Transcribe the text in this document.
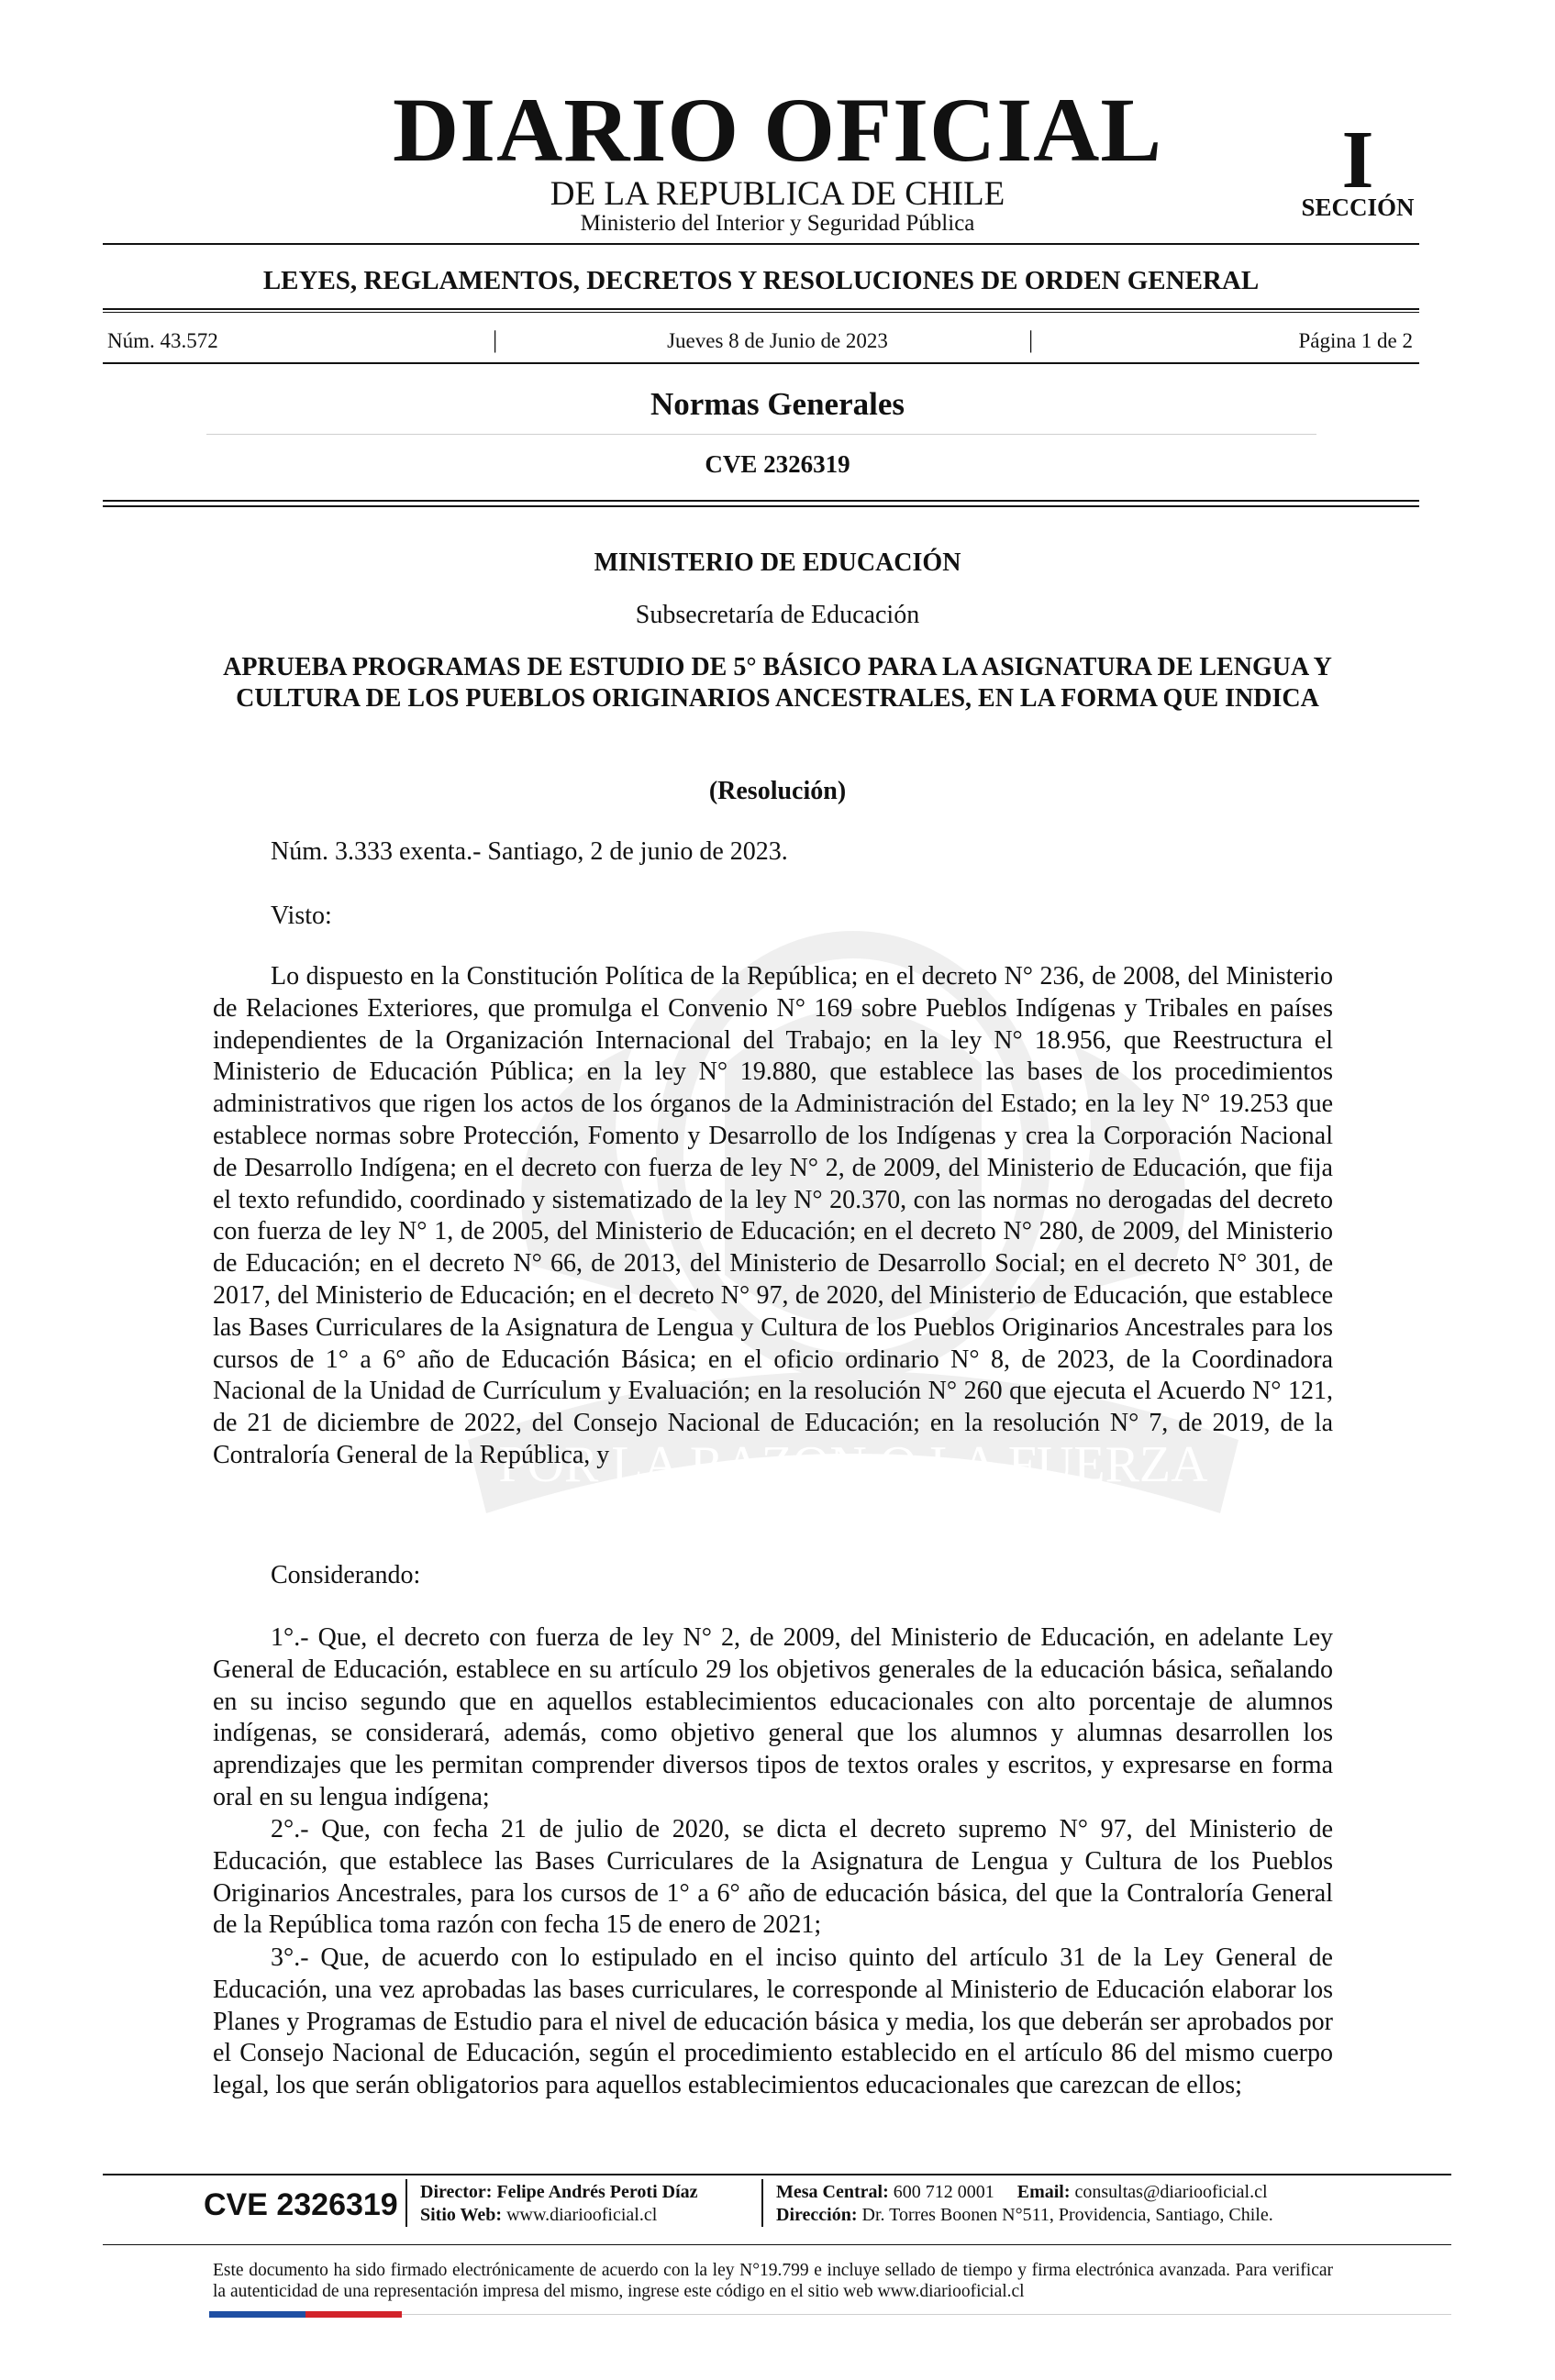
POR LA RAZON O LA FUERZA
DIARIO OFICIAL
DE LA REPUBLICA DE CHILE
Ministerio del Interior y Seguridad Pública
I
SECCIÓN
LEYES, REGLAMENTOS, DECRETOS Y RESOLUCIONES DE ORDEN GENERAL
Núm. 43.572	|	Jueves 8 de Junio de 2023	|	Página 1 de 2
Normas Generales
CVE 2326319
MINISTERIO DE EDUCACIÓN
Subsecretaría de Educación
APRUEBA PROGRAMAS DE ESTUDIO DE 5° BÁSICO PARA LA ASIGNATURA DE LENGUA Y CULTURA DE LOS PUEBLOS ORIGINARIOS ANCESTRALES, EN LA FORMA QUE INDICA
(Resolución)
Núm. 3.333 exenta.- Santiago, 2 de junio de 2023.
Visto:

Lo dispuesto en la Constitución Política de la República; en el decreto N° 236, de 2008, del Ministerio de Relaciones Exteriores, que promulga el Convenio N° 169 sobre Pueblos Indígenas y Tribales en países independientes de la Organización Internacional del Trabajo; en la ley N° 18.956, que Reestructura el Ministerio de Educación Pública; en la ley N° 19.880, que establece las bases de los procedimientos administrativos que rigen los actos de los órganos de la Administración del Estado; en la ley N° 19.253 que establece normas sobre Protección, Fomento y Desarrollo de los Indígenas y crea la Corporación Nacional de Desarrollo Indígena; en el decreto con fuerza de ley N° 2, de 2009, del Ministerio de Educación, que fija el texto refundido, coordinado y sistematizado de la ley N° 20.370, con las normas no derogadas del decreto con fuerza de ley N° 1, de 2005, del Ministerio de Educación; en el decreto N° 280, de 2009, del Ministerio de Educación; en el decreto N° 66, de 2013, del Ministerio de Desarrollo Social; en el decreto N° 301, de 2017, del Ministerio de Educación; en el decreto N° 97, de 2020, del Ministerio de Educación, que establece las Bases Curriculares de la Asignatura de Lengua y Cultura de los Pueblos Originarios Ancestrales para los cursos de 1° a 6° año de Educación Básica; en el oficio ordinario N° 8, de 2023, de la Coordinadora Nacional de la Unidad de Currículum y Evaluación; en la resolución N° 260 que ejecuta el Acuerdo N° 121, de 21 de diciembre de 2022, del Consejo Nacional de Educación; en la resolución N° 7, de 2019, de la Contraloría General de la República, y

Considerando:

1°.- Que, el decreto con fuerza de ley N° 2, de 2009, del Ministerio de Educación, en adelante Ley General de Educación, establece en su artículo 29 los objetivos generales de la educación básica, señalando en su inciso segundo que en aquellos establecimientos educacionales con alto porcentaje de alumnos indígenas, se considerará, además, como objetivo general que los alumnos y alumnas desarrollen los aprendizajes que les permitan comprender diversos tipos de textos orales y escritos, y expresarse en forma oral en su lengua indígena;

2°.- Que, con fecha 21 de julio de 2020, se dicta el decreto supremo N° 97, del Ministerio de Educación, que establece las Bases Curriculares de la Asignatura de Lengua y Cultura de los Pueblos Originarios Ancestrales, para los cursos de 1° a 6° año de educación básica, del que la Contraloría General de la República toma razón con fecha 15 de enero de 2021;

3°.- Que, de acuerdo con lo estipulado en el inciso quinto del artículo 31 de la Ley General de Educación, una vez aprobadas las bases curriculares, le corresponde al Ministerio de Educación elaborar los Planes y Programas de Estudio para el nivel de educación básica y media, los que deberán ser aprobados por el Consejo Nacional de Educación, según el procedimiento establecido en el artículo 86 del mismo cuerpo legal, los que serán obligatorios para aquellos establecimientos educacionales que carezcan de ellos;

CVE 2326319 Director: Felipe Andrés Peroti Díaz
Sitio Web: www.diariooficial.cl
Mesa Central: 600 712 0001 Email: consultas@diariooficial.cl
Dirección: Dr. Torres Boonen N°511, Providencia, Santiago, Chile.
Este documento ha sido firmado electrónicamente de acuerdo con la ley N°19.799 e incluye sellado de tiempo y firma electrónica avanzada. Para verificar la autenticidad de una representación impresa del mismo, ingrese este código en el sitio web www.diariooficial.cl
